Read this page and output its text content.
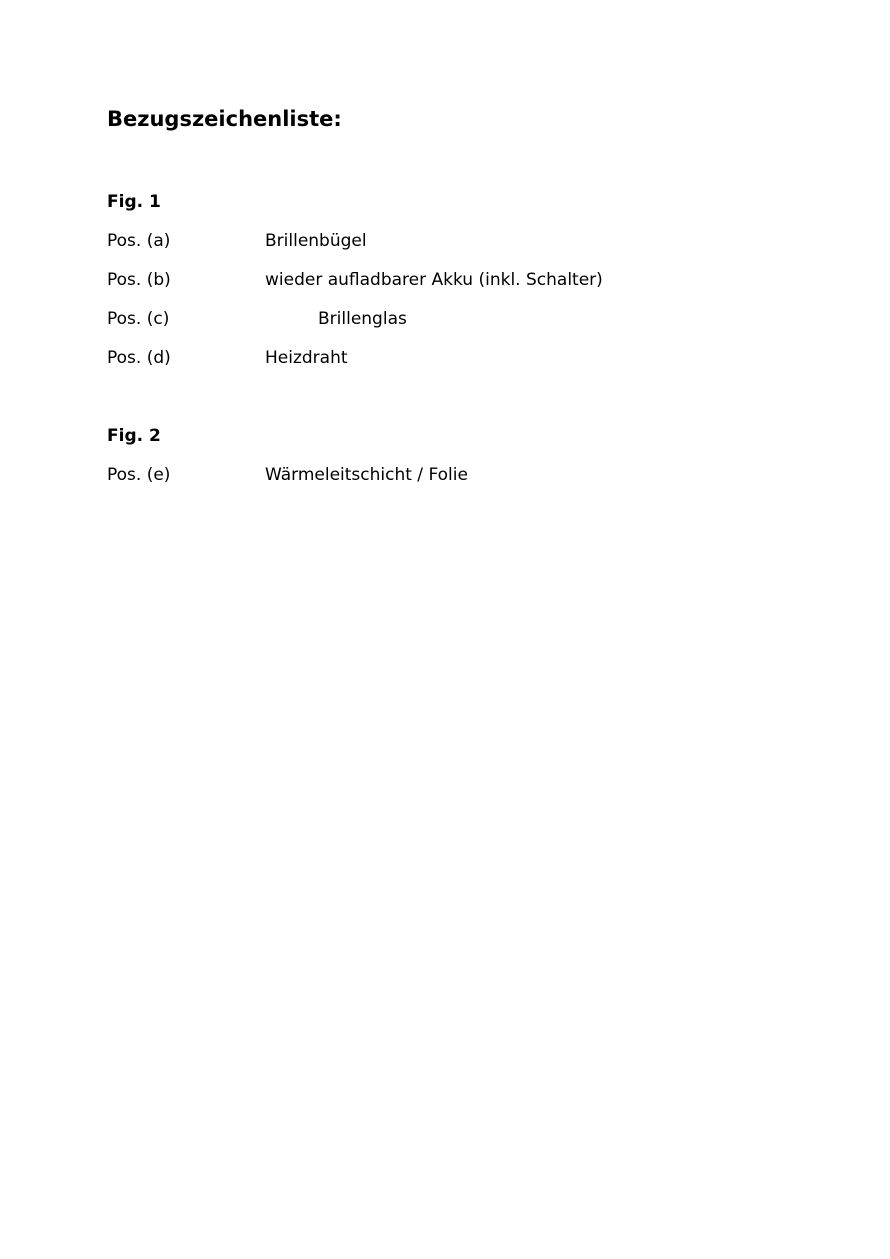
Bezugszeichenliste:
Fig. 1
Pos. (a)	Brillenbügel
Pos. (b)	wieder aufladbarer Akku (inkl. Schalter)
Pos. (c)	Brillenglas
Pos. (d)	Heizdraht
Fig. 2
Pos. (e)	Wärmeleitschicht / Folie
